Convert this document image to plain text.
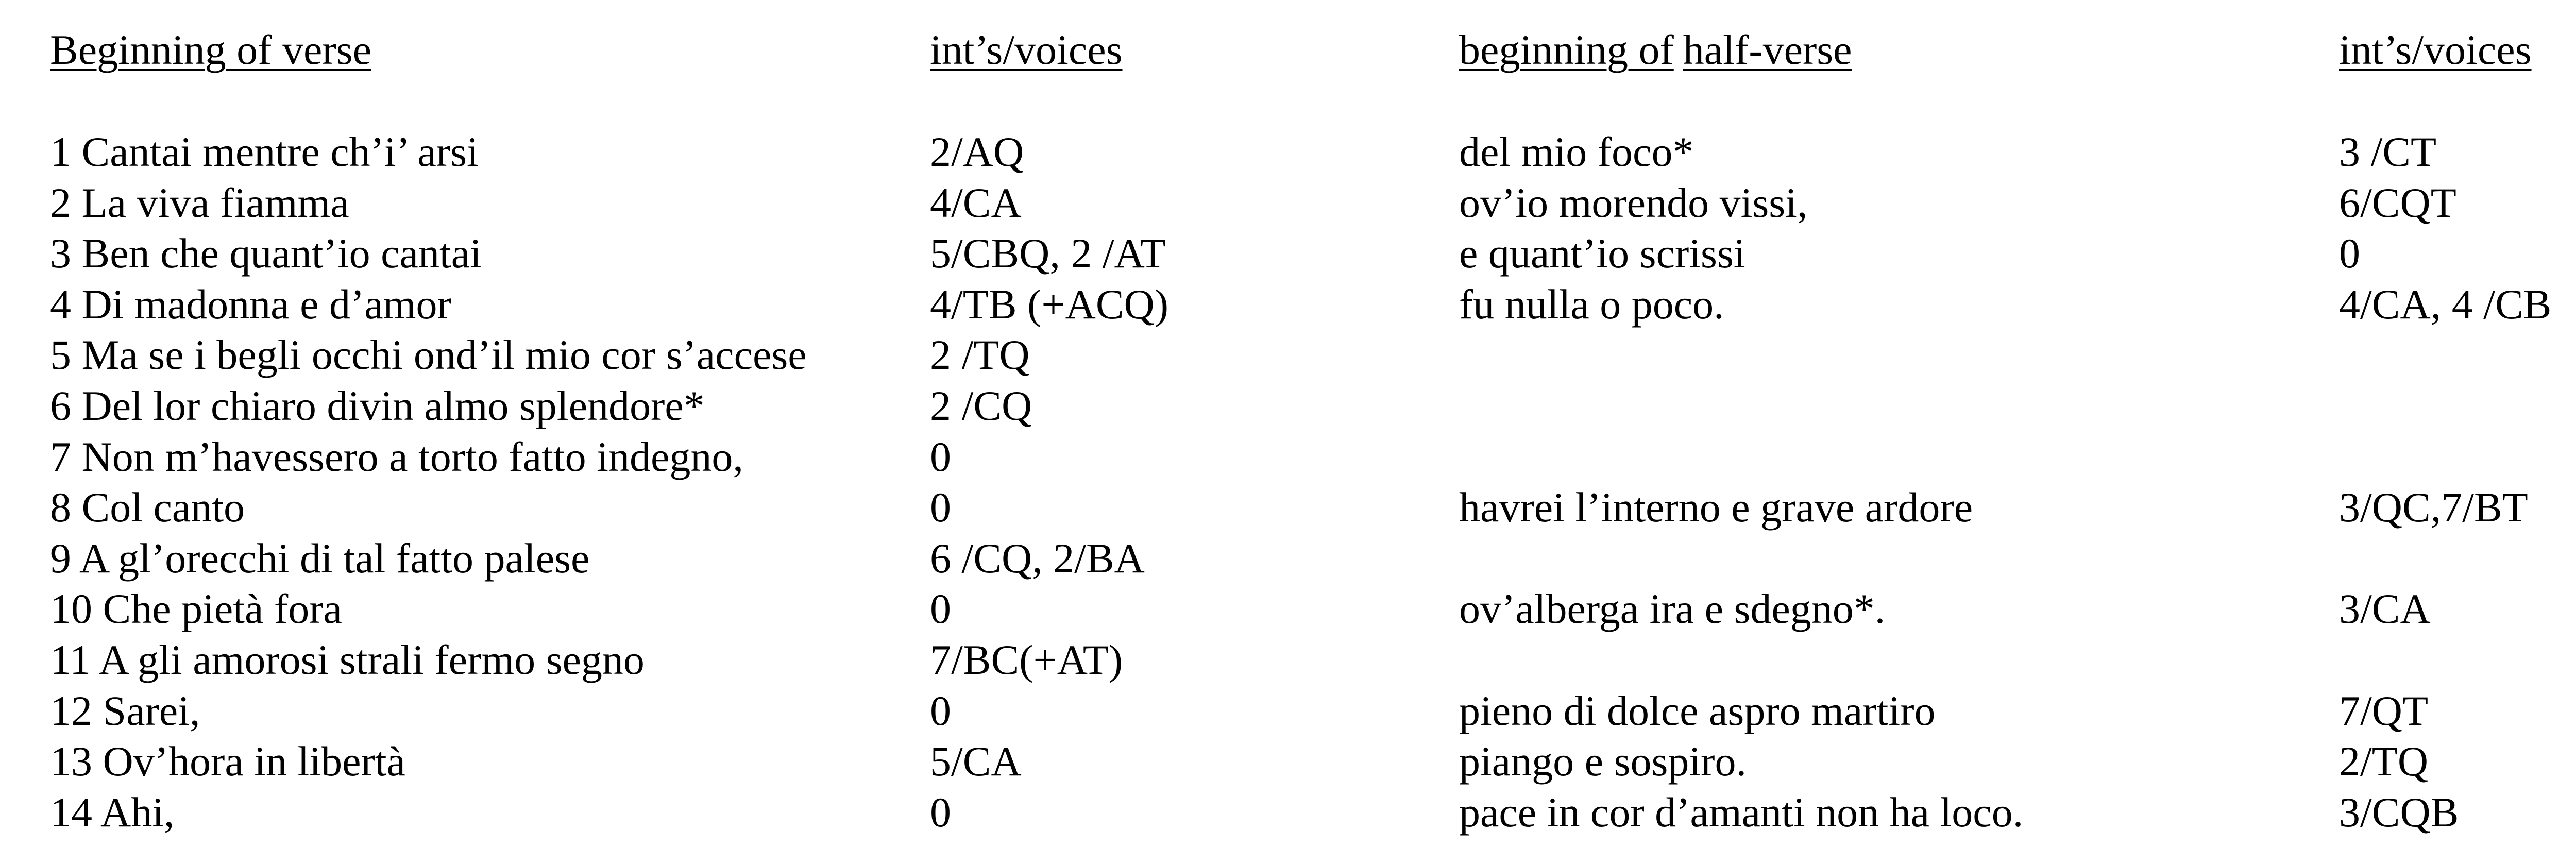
Beginning of verse	int’s/voices	beginning of half-verse	int’s/voices
1 Cantai mentre ch’i’ arsi	2/AQ	del mio foco*	3 /CT
2 La viva fiamma	4/CA	ov’io morendo vissi,	6/CQT
3 Ben che quant’io cantai	5/CBQ, 2 /AT	e quant’io scrissi	0
4 Di madonna e d’amor	4/TB (+ACQ)	fu nulla o poco.	4/CA, 4 /CB
5 Ma se i begli occhi ond’il mio cor s’accese	2 /TQ
6 Del lor chiaro divin almo splendore*	2 /CQ
7 Non m’havessero a torto fatto indegno,	0
8 Col canto	0	havrei l’interno e grave ardore	3/QC,7/BT
9 A gl’orecchi di tal fatto palese	6 /CQ, 2/BA
10 Che pietà fora	0	ov’alberga ira e sdegno*.	3/CA
11 A gli amorosi strali fermo segno	7/BC(+AT)
12 Sarei,	0	pieno di dolce aspro martiro	7/QT
13 Ov’hora in libertà	5/CA	piango e sospiro.	2/TQ
14 Ahi,	0	pace in cor d’amanti non ha loco.	3/CQB
